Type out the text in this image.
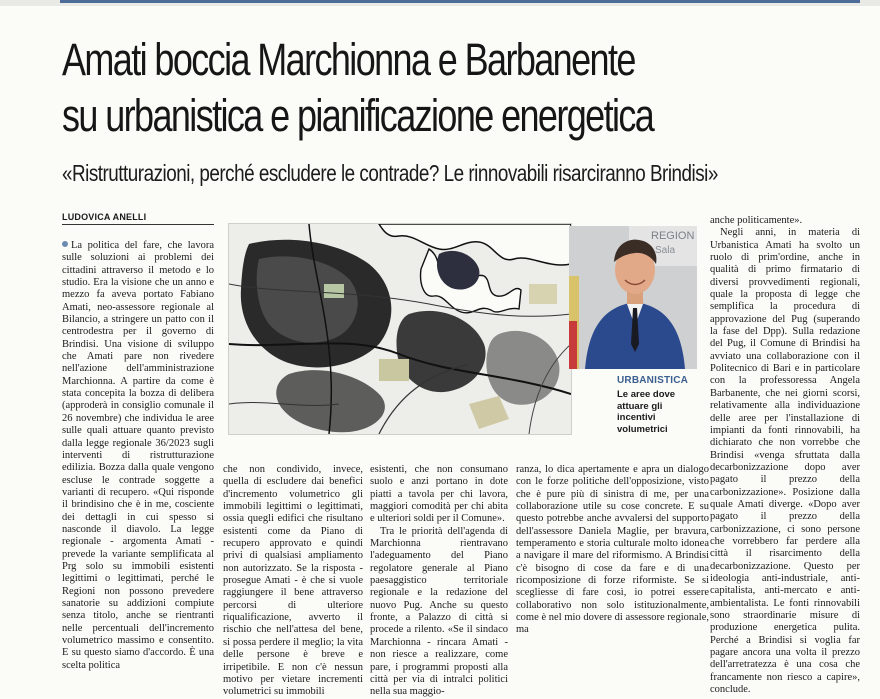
Amati boccia Marchionna e Barbanente
su urbanistica e pianificazione energetica
«Ristrutturazioni, perché escludere le contrade? Le rinnovabili risarciranno Brindisi»
LUDOVICA ANELLI

La politica del fare, che lavora sulle soluzioni ai problemi dei cittadini attraverso il metodo e lo studio. Era la visione che un anno e mezzo fa aveva portato Fabiano Amati, neo-assessore regionale al Bilancio, a stringere un patto con il centrodestra per il governo di Brindisi. Una visione di sviluppo che Amati pare non rivedere nell'azione dell'amministrazione Marchionna. A partire da come è stata concepita la bozza di delibera (approderà in consiglio comunale il 26 novembre) che individua le aree sulle quali attuare quanto previsto dalla legge regionale 36/2023 sugli interventi di ristrutturazione edilizia. Bozza dalla quale vengono escluse le contrade soggette a varianti di recupero. «Qui risponde il brindisino che è in me, cosciente dei dettagli in cui spesso si nasconde il diavolo. La legge regionale - argomenta Amati - prevede la variante semplificata al Prg solo su immobili esistenti legittimi o legittimati, perché le Regioni non possono prevedere sanatorie su addizioni compiute senza titolo, anche se rientranti nelle percentuali dell'incremento volumetrico massimo e consentito. E su questo siamo d'accordo. È una scelta politica

REGION
Sala
URBANISTICA
Le aree dove attuare gli incentivi volumetrici

che non condivido, invece, quella di escludere dai benefici d'incremento volumetrico gli immobili legittimi o legittimati, ossia quegli edifici che risultano esistenti come da Piano di recupero approvato e quindi privi di qualsiasi ampliamento non autorizzato. Se la risposta - prosegue Amati - è che si vuole raggiungere il bene attraverso percorsi di ulteriore riqualificazione, avverto il rischio che nell'attesa del bene, si possa perdere il meglio; la vita delle persone è breve e irripetibile. E non c'è nessun motivo per vietare incrementi volumetrici su immobili

esistenti, che non consumano suolo e anzi portano in dote piatti a tavola per chi lavora, maggiori comodità per chi abita e ulteriori soldi per il Comune».

Tra le priorità dell'agenda di Marchionna rientravano l'adeguamento del Piano regolatore generale al Piano paesaggistico territoriale regionale e la redazione del nuovo Pug. Anche su questo fronte, a Palazzo di città si procede a rilento. «Se il sindaco Marchionna - rincara Amati - non riesce a realizzare, come pare, i programmi proposti alla città per via di intralci politici nella sua maggio-

ranza, lo dica apertamente e apra un dialogo con le forze politiche dell'opposizione, visto che è pure più di sinistra di me, per una collaborazione utile su cose concrete. E su questo potrebbe anche avvalersi del supporto dell'assessore Daniela Maglie, per bravura, temperamento e storia culturale molto idonea a navigare il mare del riformismo. A Brindisi c'è bisogno di cose da fare e di una ricomposizione di forze riformiste. Se si scegliesse di fare così, io potrei essere collaborativo non solo istituzionalmente, come è nel mio dovere di assessore regionale, ma

anche politicamente».

Negli anni, in materia di Urbanistica Amati ha svolto un ruolo di prim'ordine, anche in qualità di primo firmatario di diversi provvedimenti regionali, quale la proposta di legge che semplifica la procedura di approvazione del Pug (superando la fase del Dpp). Sulla redazione del Pug, il Comune di Brindisi ha avviato una collaborazione con il Politecnico di Bari e in particolare con la professoressa Angela Barbanente, che nei giorni scorsi, relativamente alla individuazione delle aree per l'installazione di impianti da fonti rinnovabili, ha dichiarato che non vorrebbe che Brindisi «venga sfruttata dalla decarbonizzazione dopo aver pagato il prezzo della carbonizzazione». Posizione dalla quale Amati diverge. «Dopo aver pagato il prezzo della carbonizzazione, ci sono persone che vorrebbero far perdere alla città il risarcimento della decarbonizzazione. Questo per ideologia anti-industriale, anti-capitalista, anti-mercato e anti-ambientalista. Le fonti rinnovabili sono straordinarie misure di produzione energetica pulita. Perché a Brindisi si voglia far pagare ancora una volta il prezzo dell'arretratezza è una cosa che francamente non riesco a capire», conclude.
